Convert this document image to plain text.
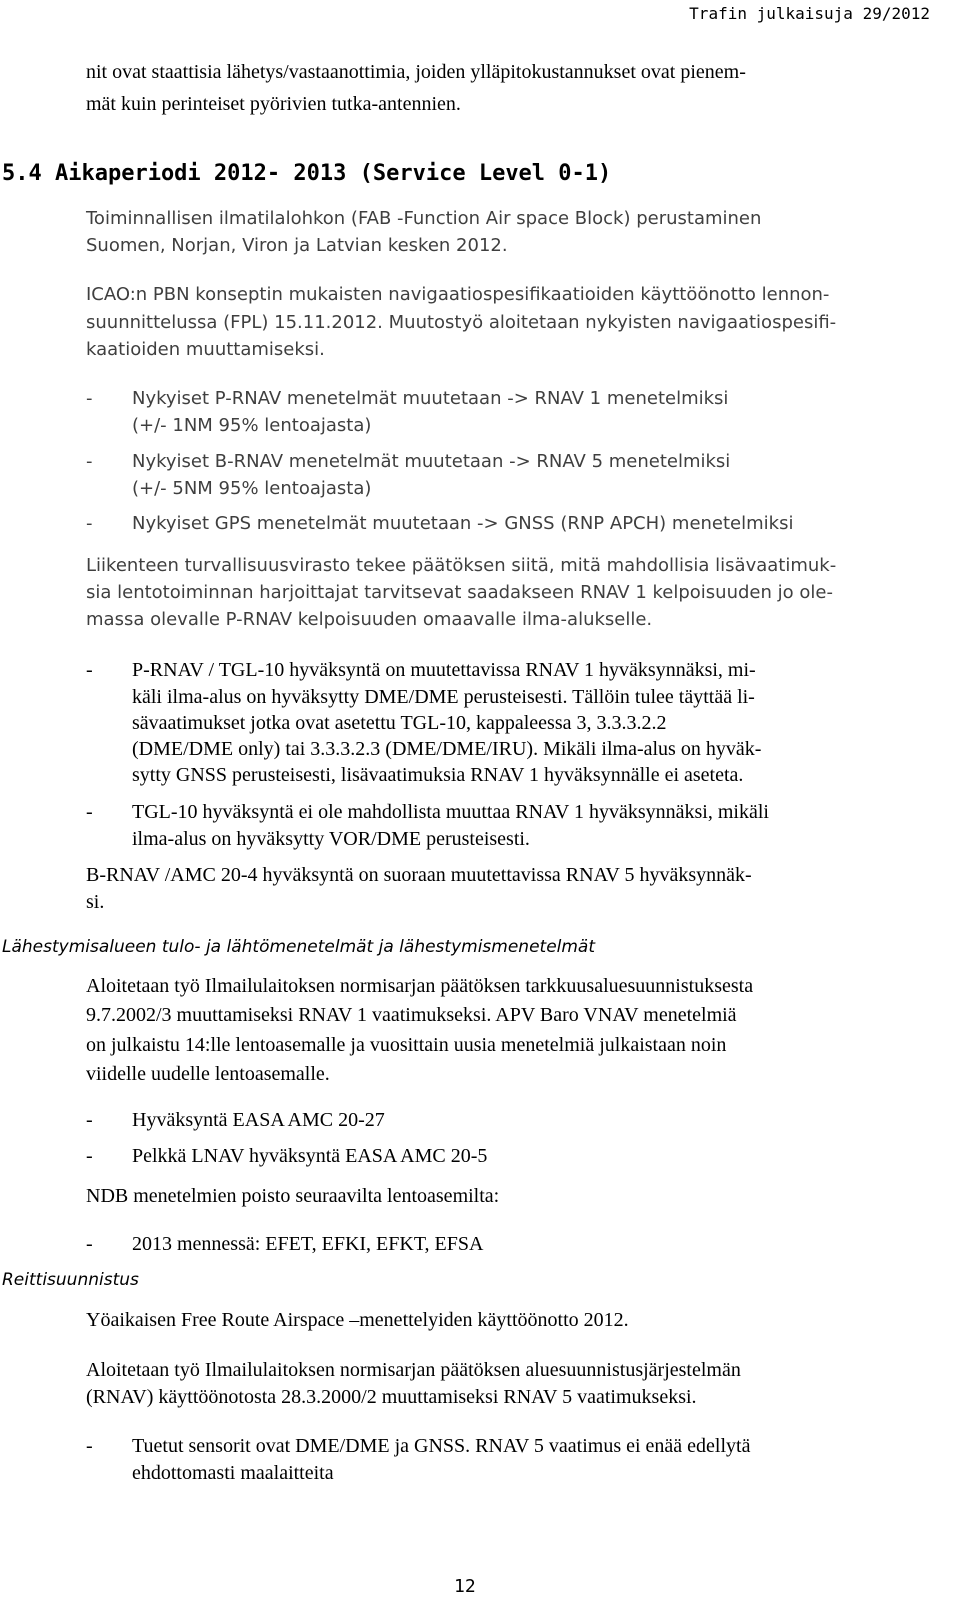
Trafin julkaisuja 29/2012
nit ovat staattisia lähetys/vastaanottimia, joiden ylläpitokustannukset ovat pienem-
mät kuin perinteiset pyörivien tutka-antennien.
5.4 Aikaperiodi 2012- 2013 (Service Level 0-1)
Toiminnallisen ilmatilalohkon (FAB -Function Air space Block) perustaminen
Suomen, Norjan, Viron ja Latvian kesken 2012.
ICAO:n PBN konseptin mukaisten navigaatiospesifikaatioiden käyttöönotto lennon-
suunnittelussa (FPL) 15.11.2012. Muutostyö aloitetaan nykyisten navigaatiospesifi-
kaatioiden muuttamiseksi.
- Nykyiset P-RNAV menetelmät muutetaan -> RNAV 1 menetelmiksi
(+/- 1NM 95% lentoajasta)
- Nykyiset B-RNAV menetelmät muutetaan -> RNAV 5 menetelmiksi
(+/- 5NM 95% lentoajasta)
- Nykyiset GPS menetelmät muutetaan -> GNSS (RNP APCH) menetelmiksi
Liikenteen turvallisuusvirasto tekee päätöksen siitä, mitä mahdollisia lisävaatimuk-
sia lentotoiminnan harjoittajat tarvitsevat saadakseen RNAV 1 kelpoisuuden jo ole-
massa olevalle P-RNAV kelpoisuuden omaavalle ilma-alukselle.
- P-RNAV / TGL-10 hyväksyntä on muutettavissa RNAV 1 hyväksynnäksi, mi-
käli ilma-alus on hyväksytty DME/DME perusteisesti. Tällöin tulee täyttää li-
sävaatimukset jotka ovat asetettu TGL-10, kappaleessa 3, 3.3.3.2.2
(DME/DME only) tai 3.3.3.2.3 (DME/DME/IRU). Mikäli ilma-alus on hyväk-
sytty GNSS perusteisesti, lisävaatimuksia RNAV 1 hyväksynnälle ei aseteta.
- TGL-10 hyväksyntä ei ole mahdollista muuttaa RNAV 1 hyväksynnäksi, mikäli
ilma-alus on hyväksytty VOR/DME perusteisesti.
B-RNAV /AMC 20-4 hyväksyntä on suoraan muutettavissa RNAV 5 hyväksynnäk-
si.
Lähestymisalueen tulo- ja lähtömenetelmät ja lähestymismenetelmät
Aloitetaan työ Ilmailulaitoksen normisarjan päätöksen tarkkuusaluesuunnistuksesta
9.7.2002/3 muuttamiseksi RNAV 1 vaatimukseksi. APV Baro VNAV menetelmiä
on julkaistu 14:lle lentoasemalle ja vuosittain uusia menetelmiä julkaistaan noin
viidelle uudelle lentoasemalle.
- Hyväksyntä EASA AMC 20-27
- Pelkkä LNAV hyväksyntä EASA AMC 20-5
NDB menetelmien poisto seuraavilta lentoasemilta:
- 2013 mennessä: EFET, EFKI, EFKT, EFSA
Reittisuunnistus
Yöaikaisen Free Route Airspace –menettelyiden käyttöönotto 2012.
Aloitetaan työ Ilmailulaitoksen normisarjan päätöksen aluesuunnistusjärjestelmän
(RNAV) käyttöönotosta 28.3.2000/2 muuttamiseksi RNAV 5 vaatimukseksi.
- Tuetut sensorit ovat DME/DME ja GNSS. RNAV 5 vaatimus ei enää edellytä
ehdottomasti maalaitteita
12
